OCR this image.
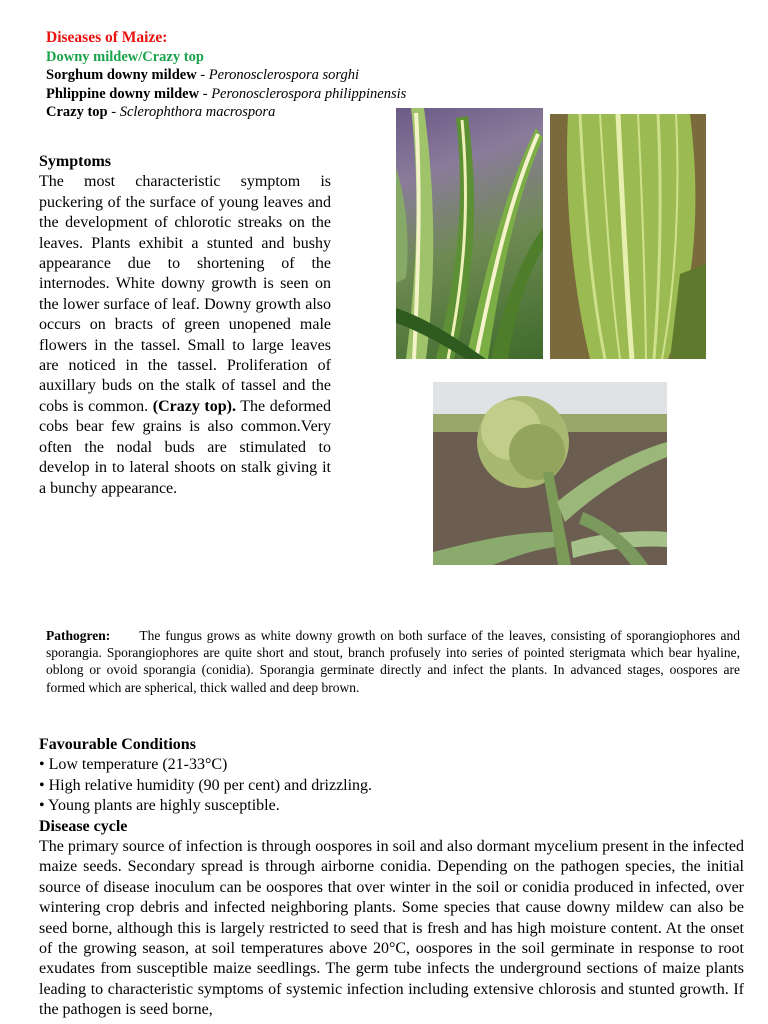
Diseases of Maize:
Downy mildew/Crazy top
Sorghum downy mildew - Peronosclerospora sorghi
Phlippine downy mildew - Peronosclerospora philippinensis
Crazy top - Sclerophthora macrospora
Symptoms
The most characteristic symptom is puckering of the surface of young leaves and the development of chlorotic streaks on the leaves. Plants exhibit a stunted and bushy appearance due to shortening of the internodes. White downy growth is seen on the lower surface of leaf. Downy growth also occurs on bracts of green unopened male flowers in the tassel. Small to large leaves are noticed in the tassel. Proliferation of auxillary buds on the stalk of tassel and the cobs is common. (Crazy top). The deformed cobs bear few grains is also common.Very often the nodal buds are stimulated to develop in to lateral shoots on stalk giving it a bunchy appearance.
Pathogren: The fungus grows as white downy growth on both surface of the leaves, consisting of sporangiophores and sporangia. Sporangiophores are quite short and stout, branch profusely into series of pointed sterigmata which bear hyaline, oblong or ovoid sporangia (conidia). Sporangia germinate directly and infect the plants. In advanced stages, oospores are formed which are spherical, thick walled and deep brown.
Favourable Conditions
• Low temperature (21-33°C)
• High relative humidity (90 per cent) and drizzling.
• Young plants are highly susceptible.
Disease cycle
The primary source of infection is through oospores in soil and also dormant mycelium present in the infected maize seeds. Secondary spread is through airborne conidia. Depending on the pathogen species, the initial source of disease inoculum can be oospores that over winter in the soil or conidia produced in infected, over wintering crop debris and infected neighboring plants. Some species that cause downy mildew can also be seed borne, although this is largely restricted to seed that is fresh and has high moisture content. At the onset of the growing season, at soil temperatures above 20°C, oospores in the soil germinate in response to root exudates from susceptible maize seedlings. The germ tube infects the underground sections of maize plants leading to characteristic symptoms of systemic infection including extensive chlorosis and stunted growth. If the pathogen is seed borne,
